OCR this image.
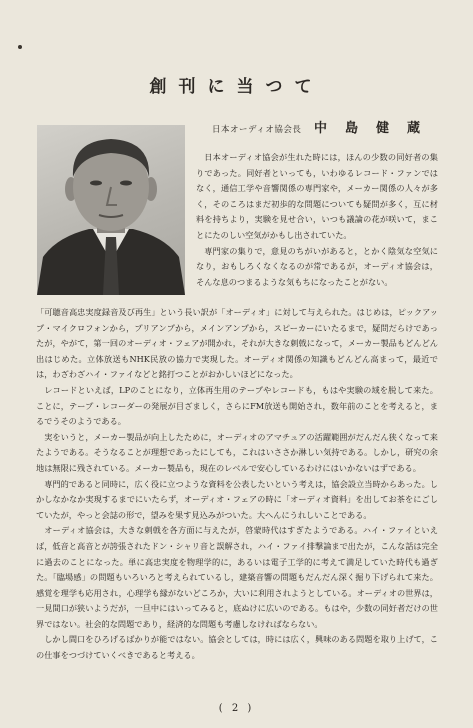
創刊に当つて
日本オーディオ協会長 中島健蔵

日本オーディオ協会が生れた時には，ほんの少数の同好者の集りであった。同好者といっても，いわゆるレコード・ファンではなく，通信工学や音響関係の専門家や，メーカー関係の人々が多く，そのころはまだ初歩的な問題についても疑問が多く，互に材料を持ちより，実験を見せ合い，いつも議論の花が咲いて，まことにたのしい空気がかもし出されていた。

専門家の集りで，意見のちがいがあると，とかく陰気な空気になり，おもしろくなくなるのが常であるが，オーディオ協会は，そんな息のつまるような気もちになったことがない。

「可聴音高忠実度録音及び再生」という長い訳が「オーディオ」に対して与えられた。はじめは，ピックアップ・マイクロフォンから，プリアンプから，メインアンプから，スピーカーにいたるまで，疑問だらけであったが，やがて，第一回のオーディオ・フェアが開かれ，それが大きな刺戟になって，メーカー製品もどんどん出はじめた。立体放送もNHK民放の協力で実現した。オーディオ関係の知識もどんどん高まって，最近では，わざわざハイ・ファイなどと銘打つことがおかしいほどになった。

レコードといえば，LPのことになり，立体再生用のテープやレコードも，もはや実験の域を脱して来た。ことに，テープ・レコーダーの発展が目ざましく，さらにFM放送も開始され，数年前のことを考えると，まるでうそのようである。

実をいうと，メーカー製品が向上したために，オーディオのアマチュアの活躍範囲がだんだん狭くなって来たようである。そうなることが理想であったにしても，これはいささか淋しい気持である。しかし，研究の余地は無限に残されている。メーカー製品も，現在のレベルで安心しているわけにはいかないはずである。

専門的であると同時に，広く役に立つような資料を公表したいという考えは，協会設立当時からあった。しかしなかなか実現するまでにいたらず，オーディオ・フェアの時に「オーディオ資料」を出してお茶をにごしていたが，やっと会誌の形で，望みを果す見込みがついた。大へんにうれしいことである。

オーディオ協会は，大きな刺戟を各方面に与えたが，啓蒙時代はすぎたようである。ハイ・ファイといえば，低音と高音とが誇張されたドン・シャリ音と誤解され，ハイ・ファイ排撃論まで出たが，こんな話は完全に過去のことになった。単に高忠実度を物理学的に，あるいは電子工学的に考えて満足していた時代も過ぎた。「臨場感」の問題もいろいろと考えられているし，建築音響の問題もだんだん深く掘り下げられて来た。感覚を理学も応用され，心理学も縁がないどころか，大いに利用されようとしている。オーディオの世界は，一見間口が狭いようだが，一旦中にはいってみると，底ぬけに広いのである。もはや，少数の同好者だけの世界ではない。社会的な問題であり，経済的な問題も考慮しなければならない。

しかし間口をひろげるばかりが能ではない。協会としては，時には広く，興味のある問題を取り上げて，この仕事をつづけていくべきであると考える。

( 2 )
